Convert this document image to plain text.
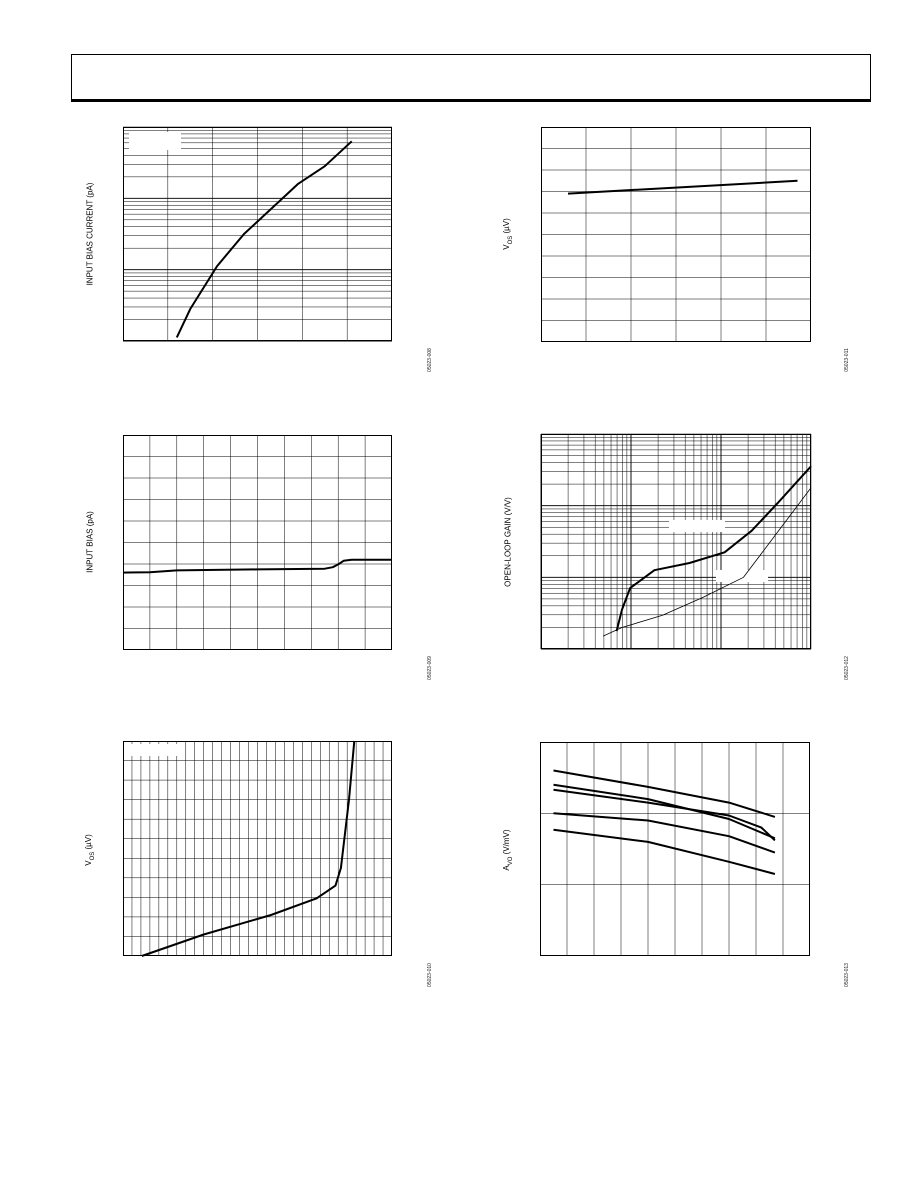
INPUT BIAS CURRENT (pA)
05023-008
$V_{OS}$ (µV)
05023-011
INPUT BIAS (pA)
05023-009
OPEN-LOOP GAIN (V/V)
05023-012
$V_{OS}$ (µV)
05023-010
$A_{VO}$ (V/mV)
05023-013
